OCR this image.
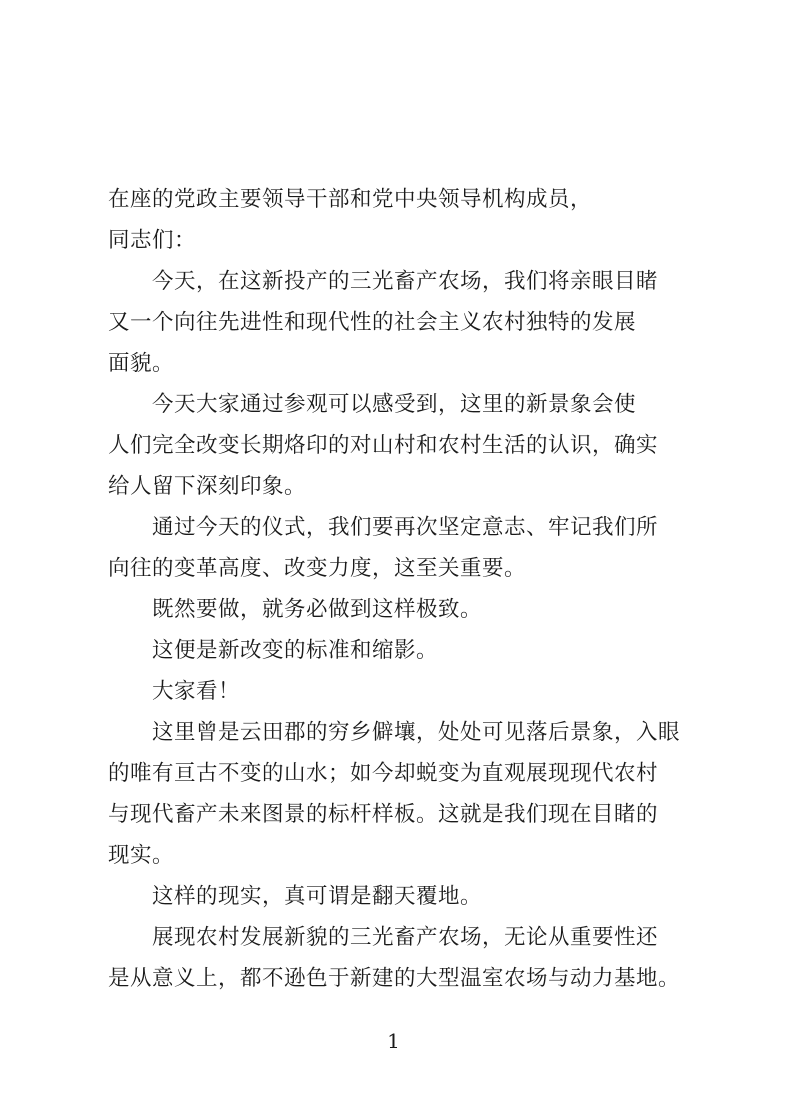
在座的党政主要领导干部和党中央领导机构成员，
同志们：
今天，在这新投产的三光畜产农场，我们将亲眼目睹
又一个向往先进性和现代性的社会主义农村独特的发展
面貌。
今天大家通过参观可以感受到，这里的新景象会使
人们完全改变长期烙印的对山村和农村生活的认识，确实
给人留下深刻印象。
通过今天的仪式，我们要再次坚定意志、牢记我们所
向往的变革高度、改变力度，这至关重要。
既然要做，就务必做到这样极致。
这便是新改变的标准和缩影。
大家看！
这里曾是云田郡的穷乡僻壤，处处可见落后景象，入眼
的唯有亘古不变的山水；如今却蜕变为直观展现现代农村
与现代畜产未来图景的标杆样板。这就是我们现在目睹的
现实。
这样的现实，真可谓是翻天覆地。
展现农村发展新貌的三光畜产农场，无论从重要性还
是从意义上，都不逊色于新建的大型温室农场与动力基地。
1
